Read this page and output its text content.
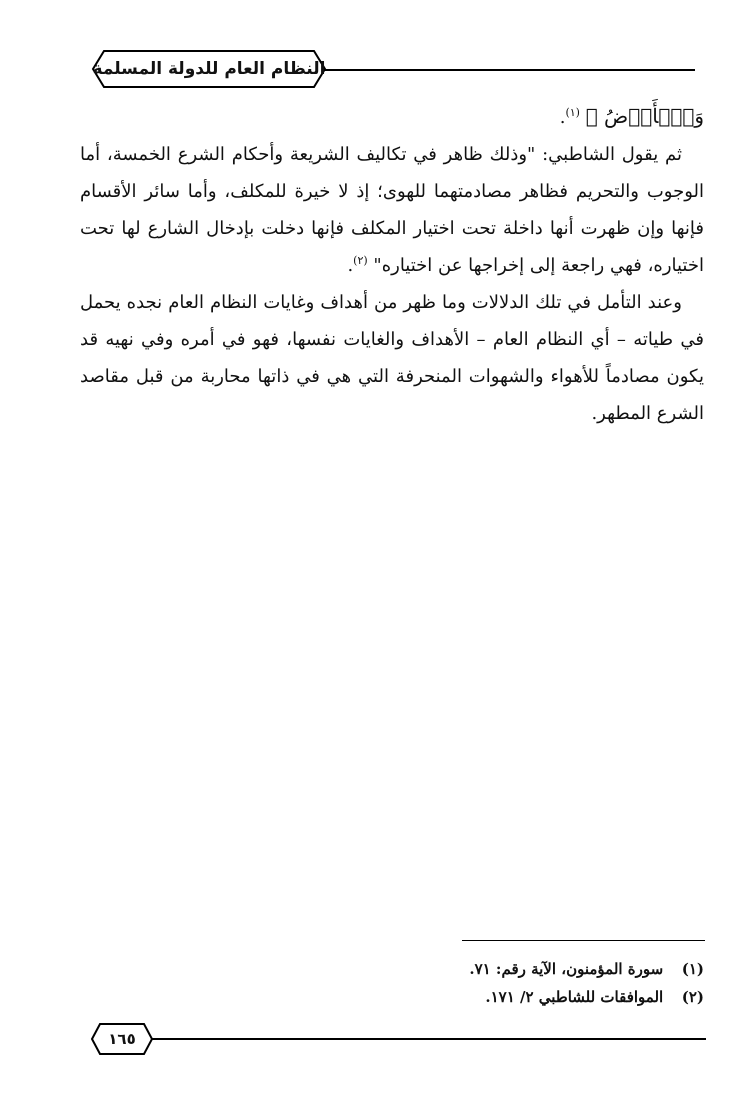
النظام العام للدولة المسلمة

وَٱلۡأَرۡضُ ﴾ $^{(١)}$.

ثم يقول الشاطبي: "وذلك ظاهر في تكاليف الشريعة وأحكام الشرع الخمسة، أما الوجوب والتحريم فظاهر مصادمتهما للهوى؛ إذ لا خيرة للمكلف، وأما سائر الأقسام فإنها وإن ظهرت أنها داخلة تحت اختيار المكلف فإنها دخلت بإدخال الشارع لها تحت اختياره، فهي راجعة إلى إخراجها عن اختياره" $^{(٢)}$.

وعند التأمل في تلك الدلالات وما ظهر من أهداف وغايات النظام العام نجده يحمل في طياته – أي النظام العام – الأهداف والغايات نفسها، فهو في أمره وفي نهيه قد يكون مصادماً للأهواء والشهوات المنحرفة التي هي في ذاتها محاربة من قبل مقاصد الشرع المطهر.

(١) سورة المؤمنون، الآية رقم: ٧١.
(٢) الموافقات للشاطبي ٢/ ١٧١.
١٦٥
